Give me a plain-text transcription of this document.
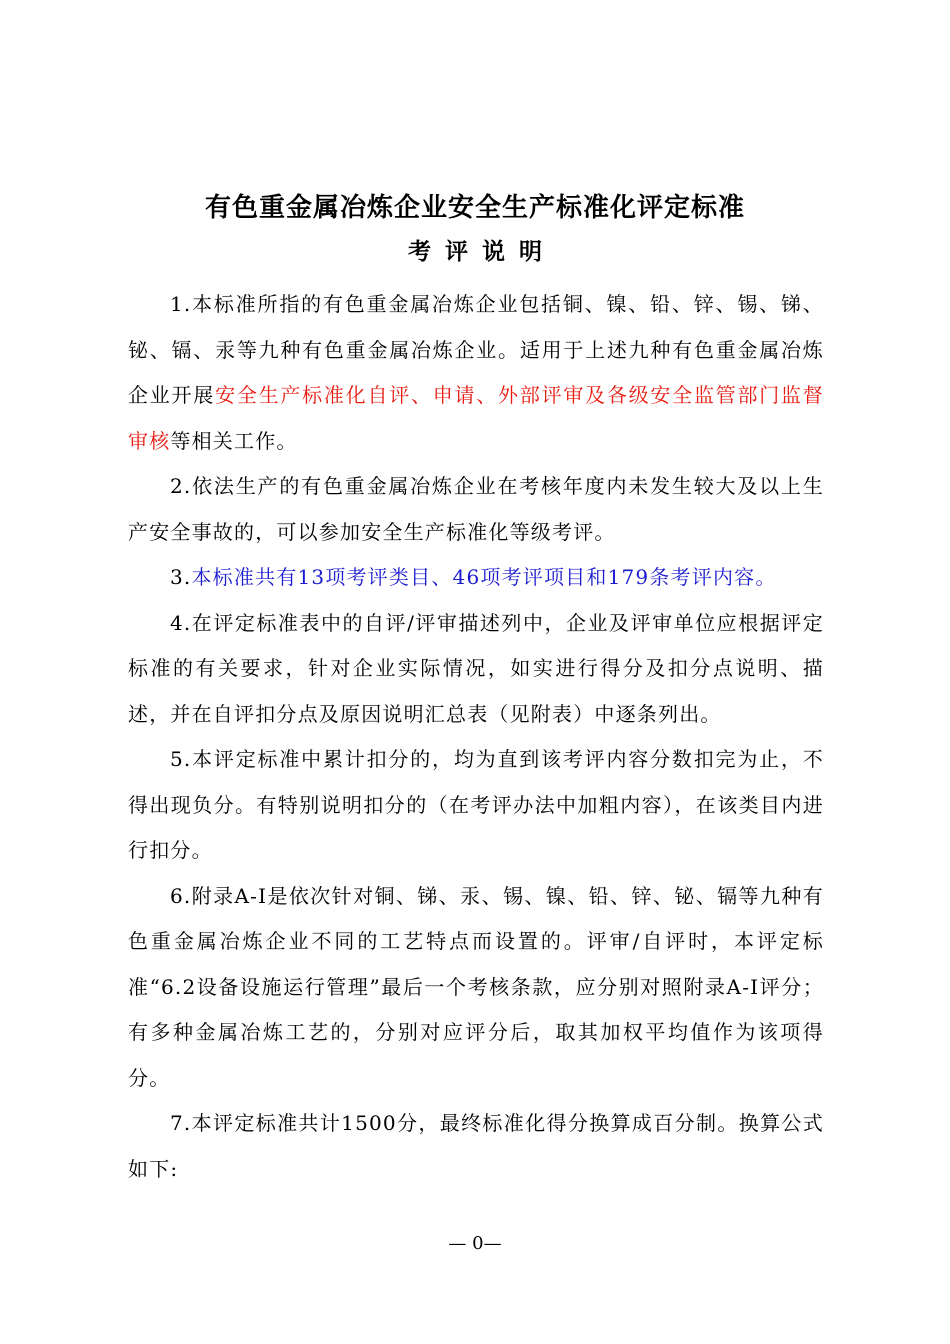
有色重金属冶炼企业安全生产标准化评定标准
考评说明

1.本标准所指的有色重金属冶炼企业包括铜、镍、铅、锌、锡、锑、铋、镉、汞等九种有色重金属冶炼企业。适用于上述九种有色重金属冶炼企业开展安全生产标准化自评、申请、外部评审及各级安全监管部门监督审核等相关工作。

2.依法生产的有色重金属冶炼企业在考核年度内未发生较大及以上生产安全事故的，可以参加安全生产标准化等级考评。

3.本标准共有13项考评类目、46项考评项目和179条考评内容。

4.在评定标准表中的自评/评审描述列中，企业及评审单位应根据评定标准的有关要求，针对企业实际情况，如实进行得分及扣分点说明、描述，并在自评扣分点及原因说明汇总表（见附表）中逐条列出。

5.本评定标准中累计扣分的，均为直到该考评内容分数扣完为止，不得出现负分。有特别说明扣分的（在考评办法中加粗内容），在该类目内进行扣分。

6.附录A-I是依次针对铜、锑、汞、锡、镍、铅、锌、铋、镉等九种有色重金属冶炼企业不同的工艺特点而设置的。评审/自评时，本评定标准“6.2设备设施运行管理”最后一个考核条款，应分别对照附录A-I评分；有多种金属冶炼工艺的，分别对应评分后，取其加权平均值作为该项得分。

7.本评定标准共计1500分，最终标准化得分换算成百分制。换算公式如下:

— 0—
